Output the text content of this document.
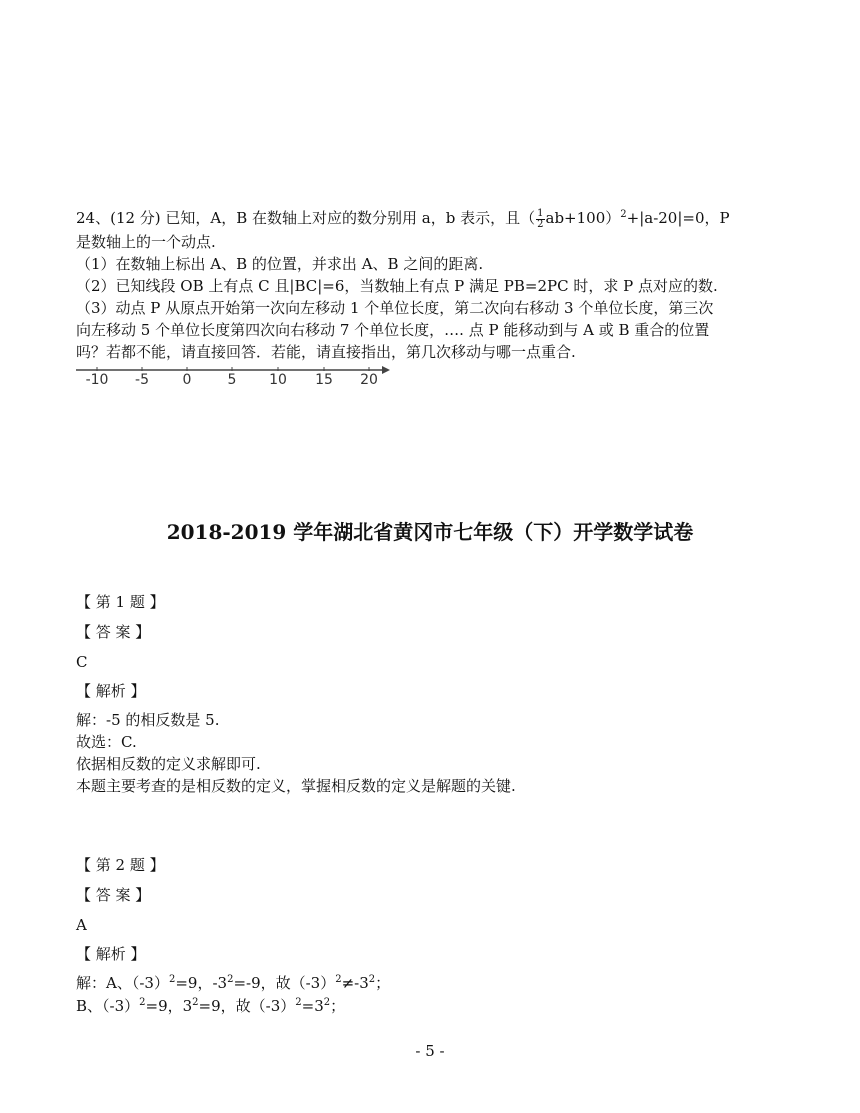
24、(12 分) 已知，A，B 在数轴上对应的数分别用 a，b 表示，且（ $\frac{1}{2} ab+100)^2+|a-20|=0$，P
是数轴上的一个动点.
（1）在数轴上标出 A、B 的位置，并求出 A、B 之间的距离.
（2）已知线段 OB 上有点 C 且|BC|=6，当数轴上有点 P 满足 PB=2PC 时，求 P 点对应的数.
（3）动点 P 从原点开始第一次向左移动 1 个单位长度，第二次向右移动 3 个单位长度，第三次
向左移动 5 个单位长度第四次向右移动 7 个单位长度，…. 点 P 能移动到与 A 或 B 重合的位置
吗？若都不能，请直接回答．若能，请直接指出，第几次移动与哪一点重合.
-10 -5 0	5 10 15 20
2018-2019 学年湖北省黄冈市七年级（下）开学数学试卷
【 第 1 题 】
【 答 案 】
C
【 解析 】
解：-5 的相反数是 5.
故选：C.
依据相反数的定义求解即可.
本题主要考查的是相反数的定义，掌握相反数的定义是解题的关键.
【 第 2 题 】
【 答 案 】
A
【 解析 】
解：A、$(-3)^2=9$，$-3^2=-9$，故$(-3)^2\ne-3^2$；
B、$(-3)^2=9$，$3^2=9$，故$(-3)^2=3^2$；
- 5 -
